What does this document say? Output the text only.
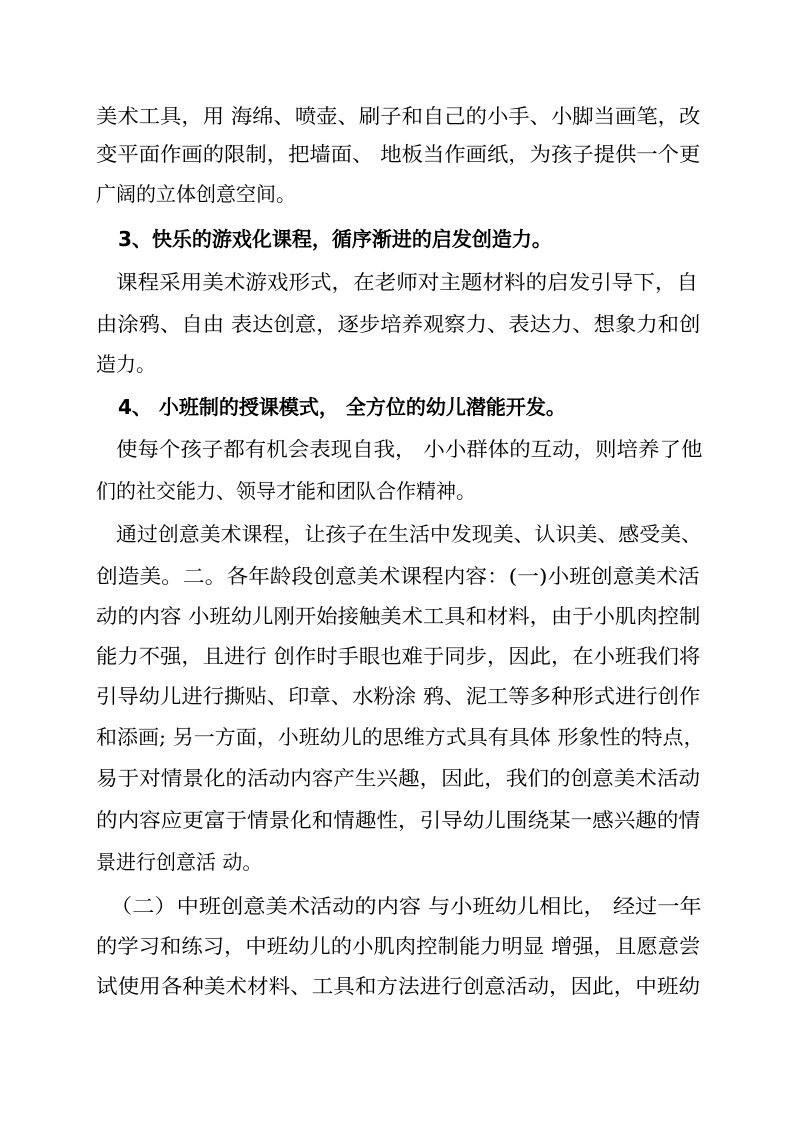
美术工具，用 海绵、喷壶、刷子和自己的小手、小脚当画笔，改
变平面作画的限制，把墙面、 地板当作画纸，为孩子提供一个更
广阔的立体创意空间。
3、快乐的游戏化课程，循序渐进的启发创造力。
课程采用美术游戏形式，在老师对主题材料的启发引导下，自
由涂鸦、自由 表达创意，逐步培养观察力、表达力、想象力和创
造力。
4、 小班制的授课模式， 全方位的幼儿潜能开发。
使每个孩子都有机会表现自我， 小小群体的互动，则培养了他
们的社交能力、领导才能和团队合作精神。
通过创意美术课程，让孩子在生活中发现美、认识美、感受美、
创造美。二。各年龄段创意美术课程内容：(一)小班创意美术活
动的内容 小班幼儿刚开始接触美术工具和材料，由于小肌肉控制
能力不强，且进行 创作时手眼也难于同步，因此，在小班我们将
引导幼儿进行撕贴、印章、水粉涂 鸦、泥工等多种形式进行创作
和添画; 另一方面，小班幼儿的思维方式具有具体 形象性的特点，
易于对情景化的活动内容产生兴趣，因此，我们的创意美术活动
的内容应更富于情景化和情趣性，引导幼儿围绕某一感兴趣的情
景进行创意活 动。
（二）中班创意美术活动的内容 与小班幼儿相比， 经过一年
的学习和练习，中班幼儿的小肌肉控制能力明显 增强，且愿意尝
试使用各种美术材料、工具和方法进行创意活动，因此，中班幼
